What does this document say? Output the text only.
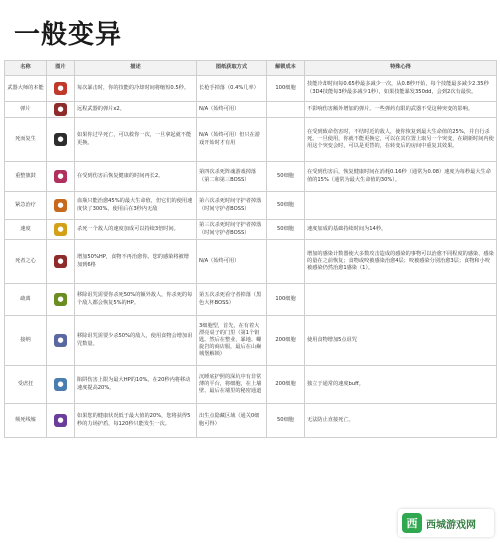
一般变异
名称	图片	描述	图纸获取方式	解锁成本	特殊心得
武器大师的本能	●	每次暴击时，你的技能的冷却时间将缩短0.5秒。	长枪手掉落（0.4%几率）	100细胞	技能冷却时间每0.65秒最多减少一次，从0.8秒开始，每个技能最多减少2.35秒（3D4技能每3秒最多减少1秒），如果技能暴发350dd，会到2次有最快。
弹片	●	远程武器的弹片x2。	N/A（始终可用）		不影响伤害额外增加的弹片。一些弹药有限的武器不受这种突变的影响。
死而复生	●	如果你过早死亡，可以救你一次，一旦拿起就不能更换。	N/A（始终可用）但只在游戏开始时才有用		在受到致命伤害时，不结时近的敌人，使你恢复到最大生命值的25%，并自行杀死。一旦使用，你就不能更换它，可以在其位置上取另一个突变，在刷新时间内使用这个突变会时，可以是更替的，在转变后的房间中重复其效果。
重整旗鼓	●	在受到伤害后恢复健康的时间再长2。	第四次杀死阵魂游戏掉落（第二和第三BOSS）	50细胞	在受到伤害后，恢复健康时间在消耗0.16秒（通常为0.08）速度为每秒最大生命值的15%（通常为最大生命值的30%）。
紧急治疗	●	血瓶只能治愈45%的最大生命值，但它们的使用速度快了300%，使用后在3秒内无敌	第六次杀死时间守护者掉落（时间守护者BOSS）	50细胞	
速度	●	杀死一个敌人的速度加成可以持续3倍时间。	第三次杀死时间守护者掉落（时间守护者BOSS）	50细胞	速度加成的基础持续时间为14秒。
死者之心	●	增加50%HP，食物不再治愈你。您的感染将被增加到6格	N/A（始终可用）		增加的感染计数器使大多数攻击造成的感染的事物可以治愈不同程度的感染，感染的量在之前恢复；食物或咬被感染治愈4层；咬被感染分别治愈3层；食物和小咬被感染仍然治愈1感染（1）。
疏离	●	移除诅咒需要你杀死50%的额外敌人，你杀死的每个敌人都会恢复5%的HP。	第五次杀死看守者掉落（黑色大杯BOSS）	100细胞	
接纳	●	移除诅咒需要少杀50%的敌人，使用食物会增加诅咒数量。	3细胞型，首先，在有着大漂亮桌子的门里（第1个钥匙。然后在整业、暴地、螺旋岩的商店服，最后在山巅城堡解锁）	200细胞	使用食物增加5点诅咒
受虐狂	●	陷阱伤害上限为最大HP的10%。在20秒内将移动速度提高20%。	沉睡底护照的深坑中有非常薄的平台，将细胞，在上墙壁、最后在墙里的秘密通道	200细胞	独立于通常的速度buff。
频死线墟	●	如果您的健康状况低于最大值的20%，您将获得5秒的力场护盾，每120秒只能发生一次。	出生点隐藏区域（通关0细胞可得）	50细胞	无法防止直接死亡。
西 西城游戏网
